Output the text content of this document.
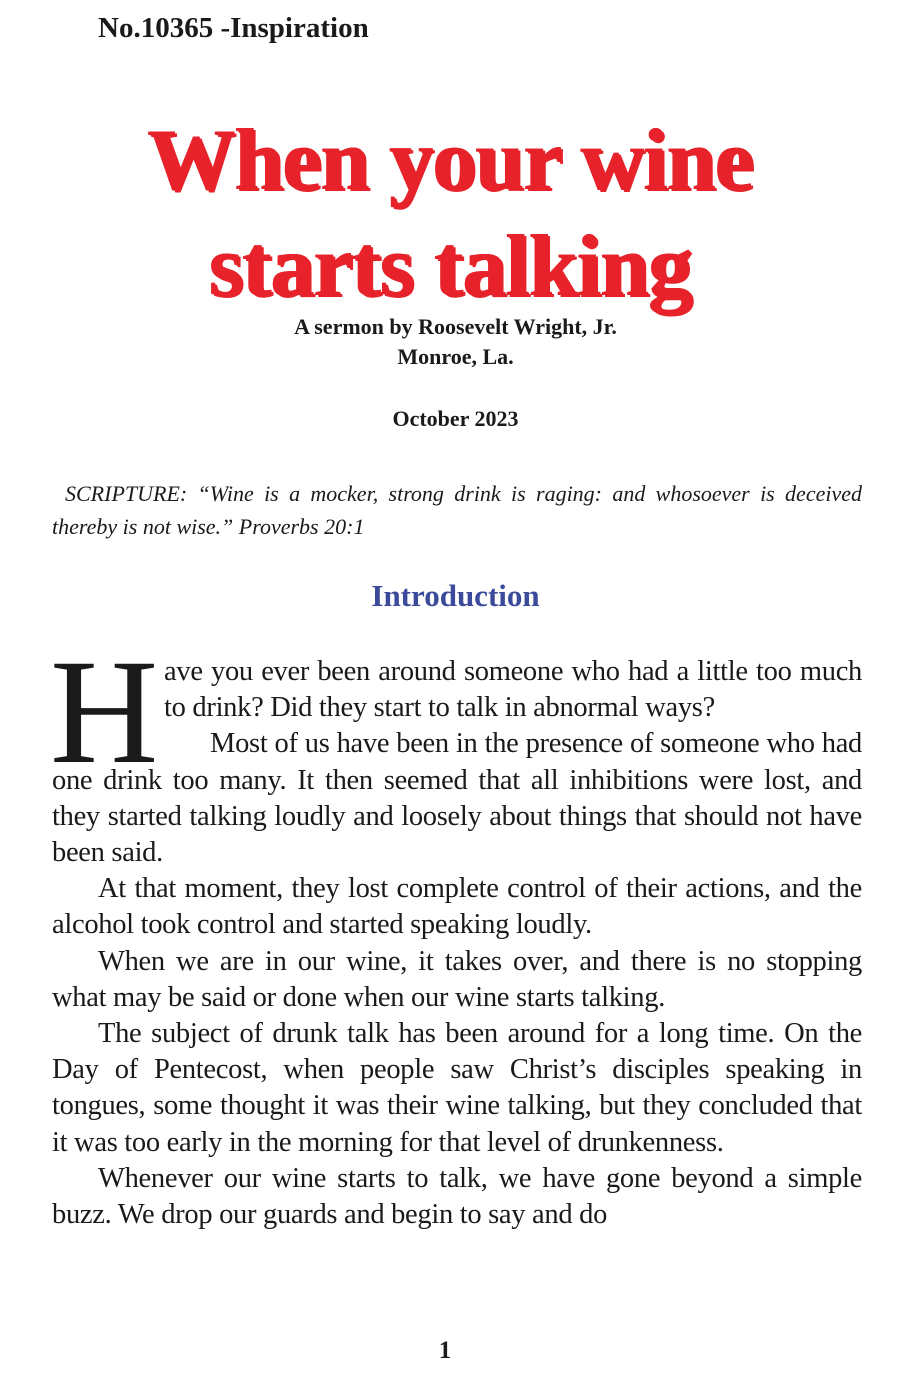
No.10365 -Inspiration
When your wine
starts talking
A sermon by Roosevelt Wright, Jr.
Monroe, La.
October 2023
SCRIPTURE: “Wine is a mocker, strong drink is raging: and whosoever is deceived thereby is not wise.” Proverbs 20:1
Introduction

Have you ever been around someone who had a little too much to drink? Did they start to talk in abnormal ways?

Most of us have been in the presence of someone who had one drink too many. It then seemed that all inhibitions were lost, and they started talking loudly and loosely about things that should not have been said.

At that moment, they lost complete control of their actions, and the alcohol took control and started speaking loudly.

When we are in our wine, it takes over, and there is no stopping what may be said or done when our wine starts talking.

The subject of drunk talk has been around for a long time. On the Day of Pentecost, when people saw Christ’s disciples speaking in tongues, some thought it was their wine talking, but they concluded that it was too early in the morning for that level of drunkenness.

Whenever our wine starts to talk, we have gone beyond a simple buzz. We drop our guards and begin to say and do

1
